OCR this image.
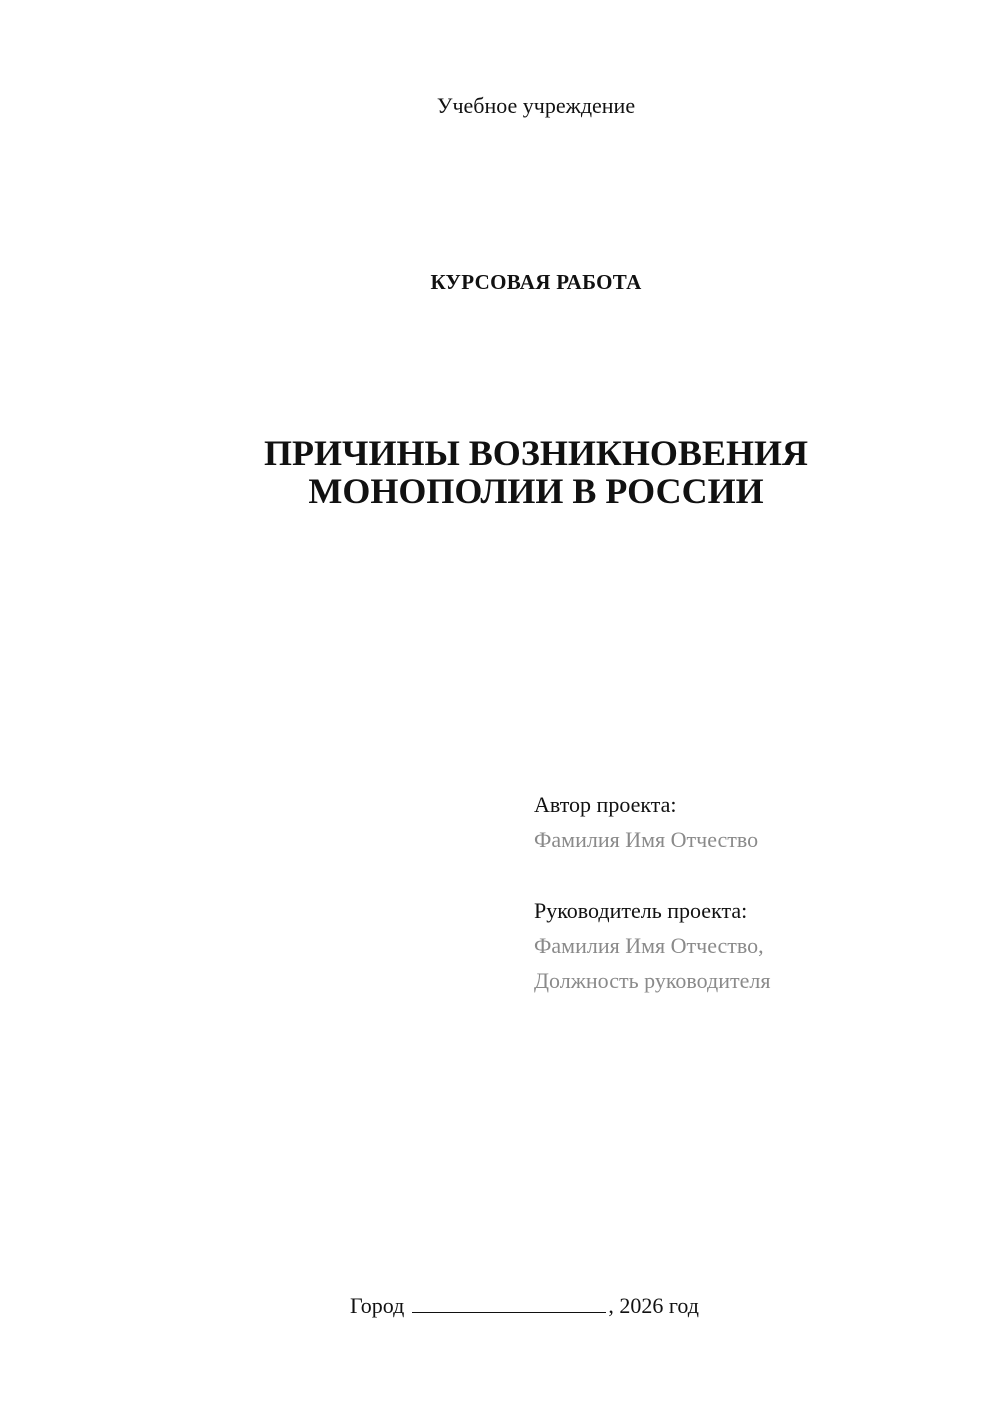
Учебное учреждение
КУРСОВАЯ РАБОТА
ПРИЧИНЫ ВОЗНИКНОВЕНИЯ
МОНОПОЛИИ В РОССИИ
Автор проекта:
Фамилия Имя Отчество
Руководитель проекта:
Фамилия Имя Отчество,
Должность руководителя
Город	, 2026 год
